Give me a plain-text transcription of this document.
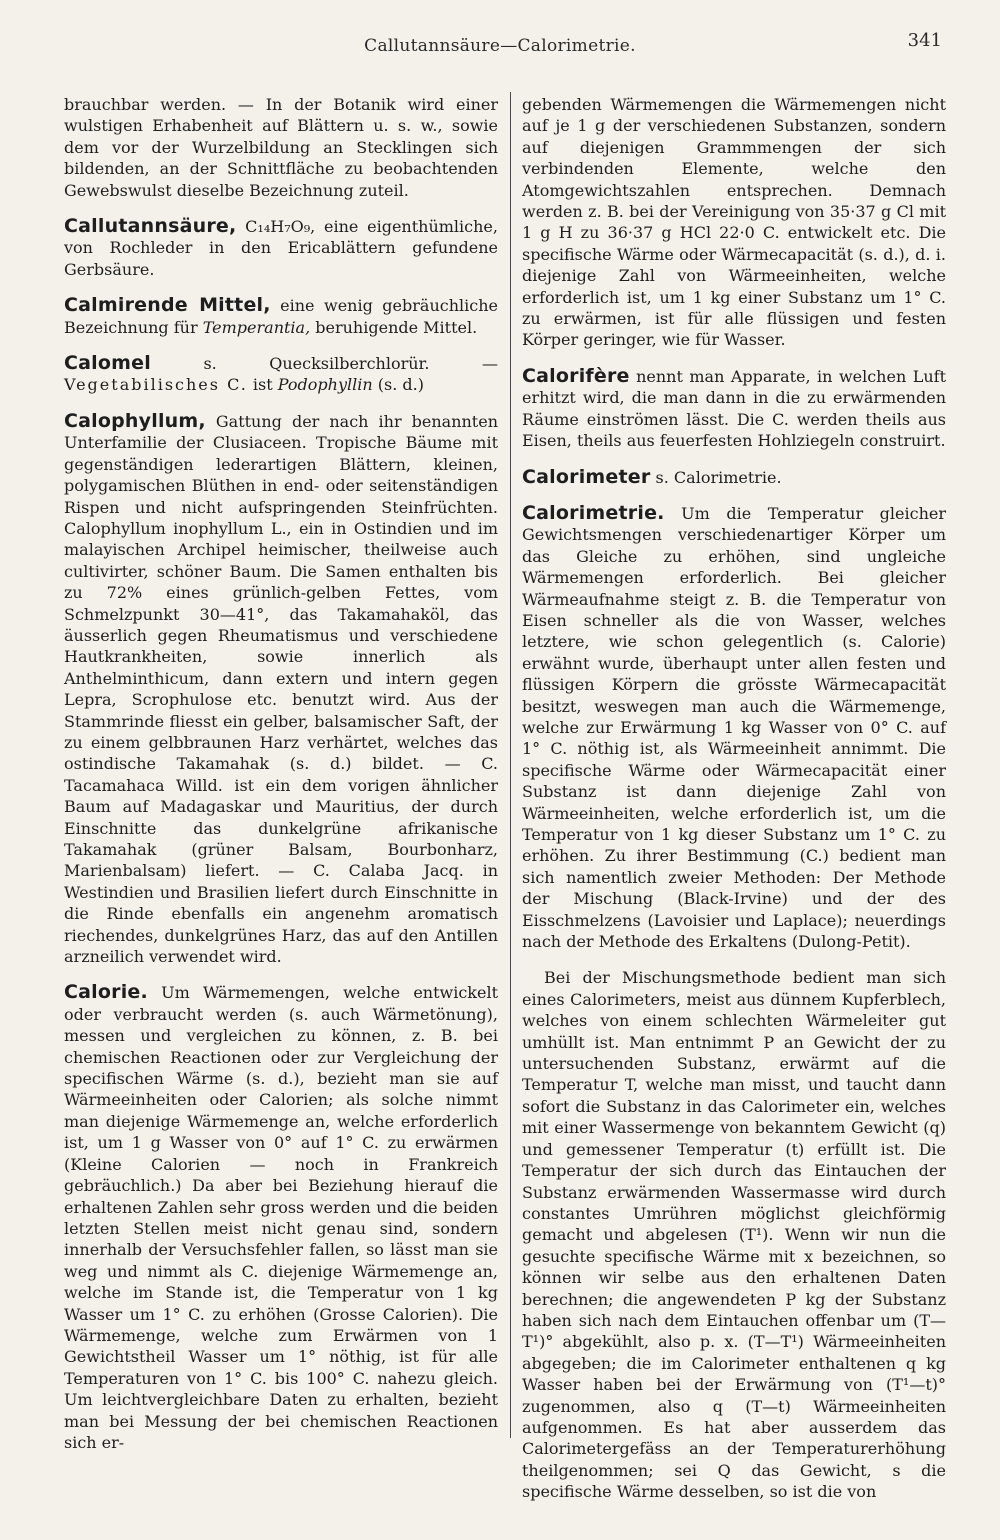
Callutannsäure—Calorimetrie.	341

brauchbar werden. — In der Botanik wird einer wulstigen Erhabenheit auf Blättern u. s. w., sowie dem vor der Wurzelbildung an Stecklingen sich bildenden, an der Schnittfläche zu beobachtenden Gewebswulst dieselbe Bezeichnung zuteil.

Callutannsäure, C₁₄H₇O₉, eine eigenthümliche, von Rochleder in den Ericablättern gefundene Gerbsäure.

Calmirende Mittel, eine wenig gebräuchliche Bezeichnung für Temperantia, beruhigende Mittel.

Calomel	s. Quecksilberchlorür. — Vegetabilisches C. ist Podophyllin (s. d.)

Calophyllum, Gattung der nach ihr benannten Unterfamilie der Clusiaceen. Tropische Bäume mit gegenständigen lederartigen Blättern, kleinen, polygamischen Blüthen in end- oder seitenständigen Rispen und nicht aufspringenden Steinfrüchten. Calophyllum inophyllum L., ein in Ostindien und im malayischen Archipel heimischer, theilweise auch cultivirter, schöner Baum. Die Samen enthalten bis zu 72% eines grünlich-gelben Fettes, vom Schmelzpunkt 30—41°, das Takamahaköl, das äusserlich gegen Rheumatismus und verschiedene Hautkrankheiten, sowie innerlich als Anthelminthicum, dann extern und intern gegen Lepra, Scrophulose etc. benutzt wird. Aus der Stammrinde fliesst ein gelber, balsamischer Saft, der zu einem gelbbraunen Harz verhärtet, welches das ostindische Takamahak (s. d.) bildet. — C. Tacamahaca Willd. ist ein dem vorigen ähnlicher Baum auf Madagaskar und Mauritius, der durch Einschnitte das dunkelgrüne afrikanische Takamahak (grüner Balsam, Bourbonharz, Marienbalsam) liefert. — C. Calaba Jacq. in Westindien und Brasilien liefert durch Einschnitte in die Rinde ebenfalls ein angenehm aromatisch riechendes, dunkelgrünes Harz, das auf den Antillen arzneilich verwendet wird.

Calorie. Um Wärmemengen, welche entwickelt oder verbraucht werden (s. auch Wärmetönung), messen und vergleichen zu können, z. B. bei chemischen Reactionen oder zur Vergleichung der specifischen Wärme (s. d.), bezieht man sie auf Wärmeeinheiten oder Calorien; als solche nimmt man diejenige Wärmemenge an, welche erforderlich ist, um 1 g Wasser von 0° auf 1° C. zu erwärmen (Kleine Calorien — noch in Frankreich gebräuchlich.) Da aber bei Beziehung hierauf die erhaltenen Zahlen sehr gross werden und die beiden letzten Stellen meist nicht genau sind, sondern innerhalb der Versuchsfehler fallen, so lässt man sie weg und nimmt als C. diejenige Wärmemenge an, welche im Stande ist, die Temperatur von 1 kg Wasser um 1° C. zu erhöhen (Grosse Calorien). Die Wärmemenge, welche zum Erwärmen von 1 Gewichtstheil Wasser um 1° nöthig, ist für alle Temperaturen von 1° C. bis 100° C. nahezu gleich. Um leichtvergleichbare Daten zu erhalten, bezieht man bei Messung der bei chemischen Reactionen sich er-

gebenden Wärmemengen die Wärmemengen nicht auf je 1 g der verschiedenen Substanzen, sondern auf diejenigen Grammmengen der sich verbindenden Elemente, welche den Atomgewichtszahlen entsprechen. Demnach werden z. B. bei der Vereinigung von 35·37 g Cl mit 1 g H zu 36·37 g HCl 22·0 C. entwickelt etc. Die specifische Wärme oder Wärmecapacität (s. d.), d. i. diejenige Zahl von Wärmeeinheiten, welche erforderlich ist, um 1 kg einer Substanz um 1° C. zu erwärmen, ist für alle flüssigen und festen Körper geringer, wie für Wasser.

Calorifère nennt man Apparate, in welchen Luft erhitzt wird, die man dann in die zu erwärmenden Räume einströmen lässt. Die C. werden theils aus Eisen, theils aus feuerfesten Hohlziegeln construirt.

Calorimeter s. Calorimetrie.

Calorimetrie. Um die Temperatur gleicher Gewichtsmengen verschiedenartiger Körper um das Gleiche zu erhöhen, sind ungleiche Wärmemengen erforderlich. Bei gleicher Wärmeaufnahme steigt z. B. die Temperatur von Eisen schneller als die von Wasser, welches letztere, wie schon gelegentlich (s. Calorie) erwähnt wurde, überhaupt unter allen festen und flüssigen Körpern die grösste Wärmecapacität besitzt, weswegen man auch die Wärmemenge, welche zur Erwärmung 1 kg Wasser von 0° C. auf 1° C. nöthig ist, als Wärmeeinheit annimmt. Die specifische Wärme oder Wärmecapacität einer Substanz ist dann diejenige Zahl von Wärmeeinheiten, welche erforderlich ist, um die Temperatur von 1 kg dieser Substanz um 1° C. zu erhöhen. Zu ihrer Bestimmung (C.) bedient man sich namentlich zweier Methoden: Der Methode der Mischung (Black-Irvine) und der des Eisschmelzens (Lavoisier und Laplace); neuerdings nach der Methode des Erkaltens (Dulong-Petit).

Bei der Mischungsmethode bedient man sich eines Calorimeters, meist aus dünnem Kupferblech, welches von einem schlechten Wärmeleiter gut umhüllt ist. Man entnimmt P an Gewicht der zu untersuchenden Substanz, erwärmt auf die Temperatur T, welche man misst, und taucht dann sofort die Substanz in das Calorimeter ein, welches mit einer Wassermenge von bekanntem Gewicht (q) und gemessener Temperatur (t) erfüllt ist. Die Temperatur der sich durch das Eintauchen der Substanz erwärmenden Wassermasse wird durch constantes Umrühren möglichst gleichförmig gemacht und abgelesen (T¹). Wenn wir nun die gesuchte specifische Wärme mit x bezeichnen, so können wir selbe aus den erhaltenen Daten berechnen; die angewendeten P kg der Substanz haben sich nach dem Eintauchen offenbar um (T—T¹)° abgekühlt, also p. x. (T—T¹) Wärmeeinheiten abgegeben; die im Calorimeter enthaltenen q kg Wasser haben bei der Erwärmung von (T¹—t)° zugenommen, also q (T—t) Wärmeeinheiten aufgenommen. Es hat aber ausserdem das Calorimetergefäss an der Temperaturerhöhung theilgenommen; sei Q das Gewicht, s die specifische Wärme desselben, so ist die von
